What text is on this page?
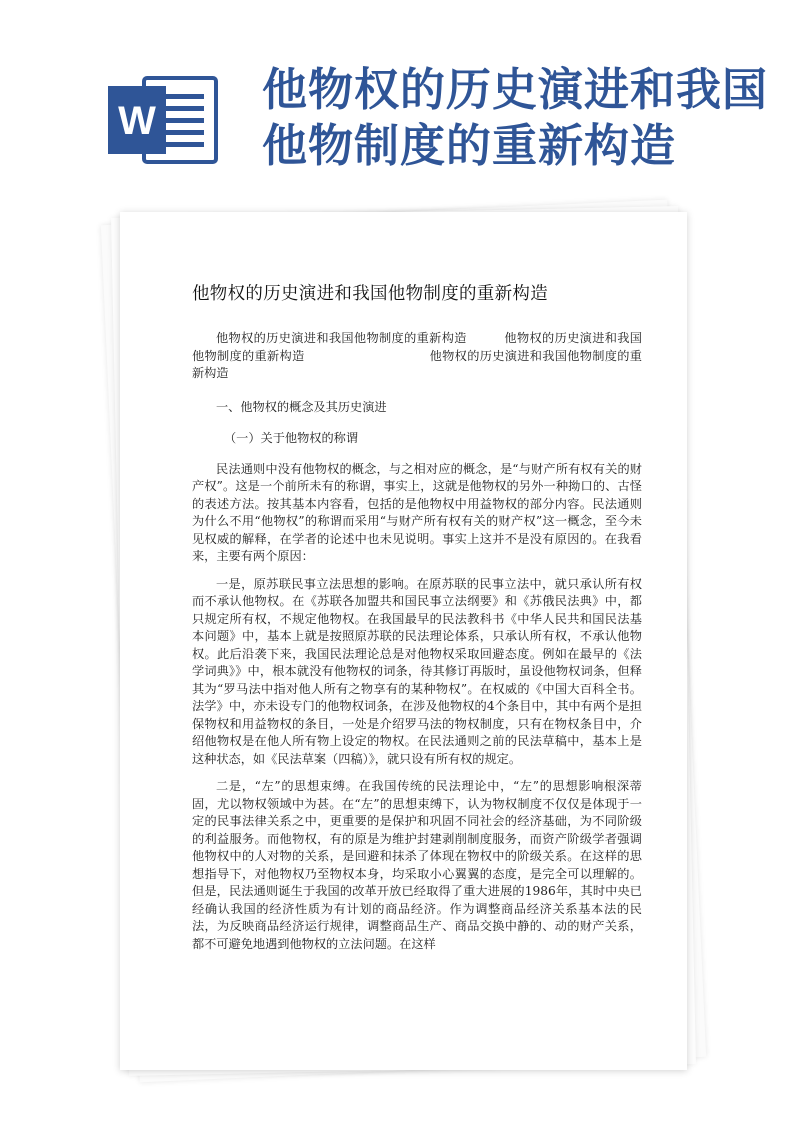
他物权的历史演进和我国他物制度的重新构造
W
他物权的历史演进和我国他物制度的重新构造
他物权的历史演进和我国他物制度的重新构造　　　他物权的历史演进和我国他物制度的重新构造　　　　　　　　　　他物权的历史演进和我国他物制度的重新构造
一、他物权的概念及其历史演进
（一）关于他物权的称谓

民法通则中没有他物权的概念，与之相对应的概念，是“与财产所有权有关的财产权”。这是一个前所未有的称谓，事实上，这就是他物权的另外一种拗口的、古怪的表述方法。按其基本内容看，包括的是他物权中用益物权的部分内容。民法通则为什么不用“他物权”的称谓而采用“与财产所有权有关的财产权”这一概念，至今未见权威的解释，在学者的论述中也未见说明。事实上这并不是没有原因的。在我看来，主要有两个原因：

一是，原苏联民事立法思想的影响。在原苏联的民事立法中，就只承认所有权而不承认他物权。在《苏联各加盟共和国民事立法纲要》和《苏俄民法典》中，都只规定所有权，不规定他物权。在我国最早的民法教科书《中华人民共和国民法基本问题》中，基本上就是按照原苏联的民法理论体系，只承认所有权，不承认他物权。此后沿袭下来，我国民法理论总是对他物权采取回避态度。例如在最早的《法学词典》》中，根本就没有他物权的词条，待其修订再版时，虽设他物权词条，但释其为“罗马法中指对他人所有之物享有的某种物权”。在权威的《中国大百科全书。法学》中，亦未设专门的他物权词条，在涉及他物权的4个条目中，其中有两个是担保物权和用益物权的条目，一处是介绍罗马法的物权制度，只有在物权条目中，介绍他物权是在他人所有物上设定的物权。在民法通则之前的民法草稿中，基本上是这种状态，如《民法草案（四稿）》，就只设有所有权的规定。

二是，“左”的思想束缚。在我国传统的民法理论中，“左”的思想影响根深蒂固，尤以物权领域中为甚。在“左”的思想束缚下，认为物权制度不仅仅是体现于一定的民事法律关系之中，更重要的是保护和巩固不同社会的经济基础，为不同阶级的利益服务。而他物权，有的原是为维护封建剥削制度服务，而资产阶级学者强调他物权中的人对物的关系，是回避和抹杀了体现在物权中的阶级关系。在这样的思想指导下，对他物权乃至物权本身，均采取小心翼翼的态度，是完全可以理解的。但是，民法通则诞生于我国的改革开放已经取得了重大进展的1986年，其时中央已经确认我国的经济性质为有计划的商品经济。作为调整商品经济关系基本法的民法，为反映商品经济运行规律，调整商品生产、商品交换中静的、动的财产关系，都不可避免地遇到他物权的立法问题。在这样
